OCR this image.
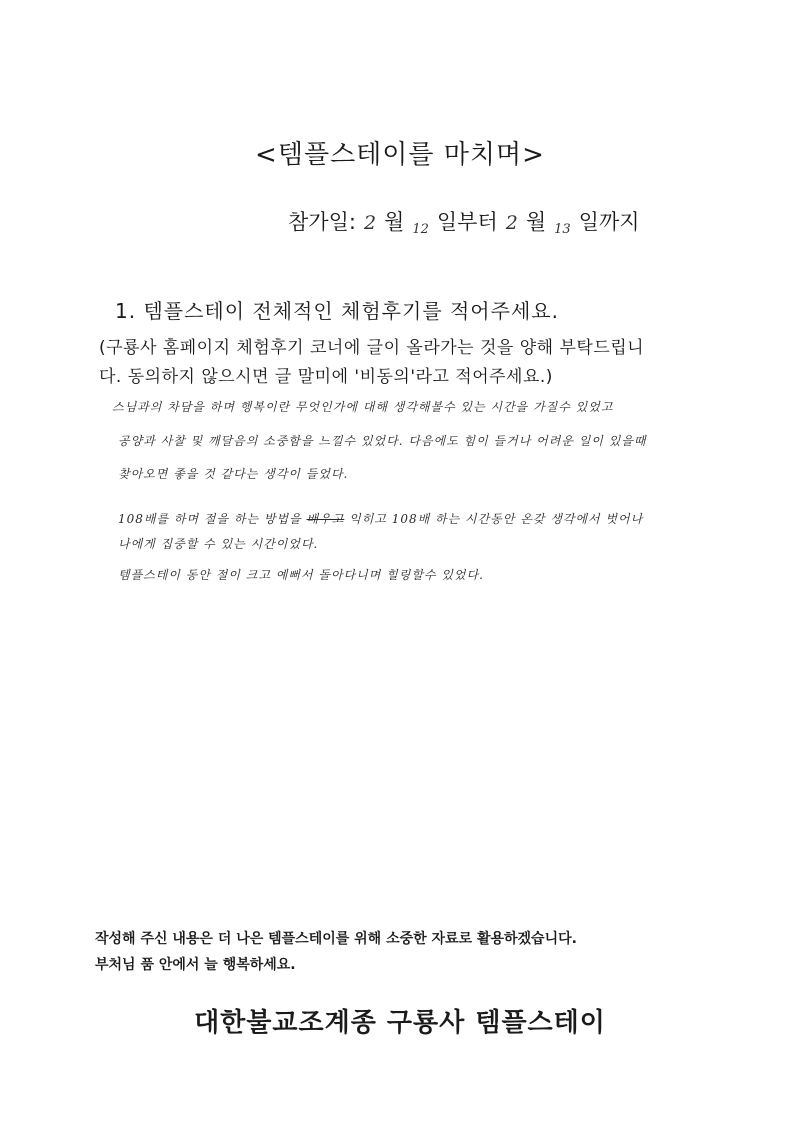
<템플스테이를 마치며>
참가일: 2 월 12 일부터 2 월 13 일까지
1. 템플스테이 전체적인 체험후기를 적어주세요.
(구룡사 홈페이지 체험후기 코너에 글이 올라가는 것을 양해 부탁드립니
다. 동의하지 않으시면 글 말미에 '비동의'라고 적어주세요.)
스님과의 차담을 하며 행복이란 무엇인가에 대해 생각해볼수 있는 시간을 가질수 있었고
공양과 사찰 및 깨달음의 소중함을 느낄수 있었다. 다음에도 힘이 들거나 어려운 일이 있을때
찾아오면 좋을 것 같다는 생각이 들었다.
108배를 하며 절을 하는 방법을 배우고 익히고 108배 하는 시간동안 온갖 생각에서 벗어나
나에게 집중할 수 있는 시간이었다.
템플스테이 동안 절이 크고 예뻐서 돌아다니며 힐링할수 있었다.
작성해 주신 내용은 더 나은 템플스테이를 위해 소중한 자료로 활용하겠습니다.
부처님 품 안에서 늘 행복하세요.
대한불교조계종 구룡사 템플스테이
